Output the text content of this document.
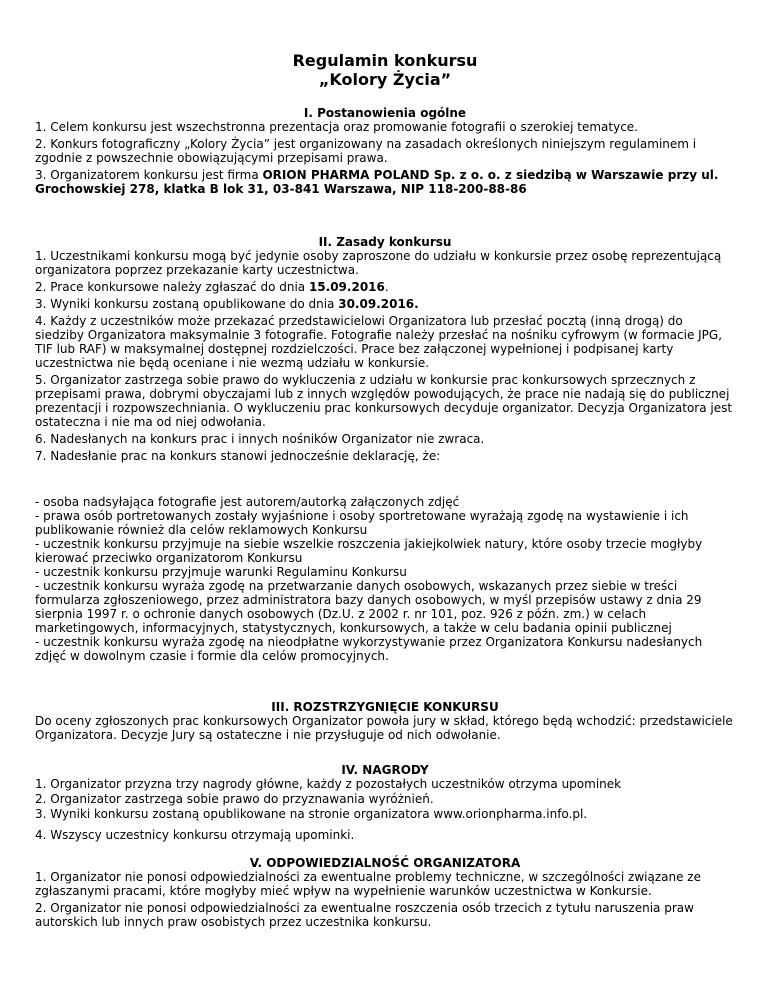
Regulamin konkursu
„Kolory Życia”
I. Postanowienia ogólne

1. Celem konkursu jest wszechstronna prezentacja oraz promowanie fotografii o szerokiej tematyce.

2. Konkurs fotograficzny „Kolory Życia” jest organizowany na zasadach określonych niniejszym regulaminem i zgodnie z powszechnie obowiązującymi przepisami prawa.

3. Organizatorem konkursu jest firma ORION PHARMA POLAND Sp. z o. o. z siedzibą w Warszawie przy ul. Grochowskiej 278, klatka B lok 31, 03-841 Warszawa, NIP 118-200-88-86

II. Zasady konkursu

1. Uczestnikami konkursu mogą być jedynie osoby zaproszone do udziału w konkursie przez osobę reprezentującą organizatora poprzez przekazanie karty uczestnictwa.

2. Prace konkursowe należy zgłaszać do dnia 15.09.2016.

3. Wyniki konkursu zostaną opublikowane do dnia 30.09.2016.

4. Każdy z uczestników może przekazać przedstawicielowi Organizatora lub przesłać pocztą (inną drogą) do siedziby Organizatora maksymalnie 3 fotografie. Fotografie należy przesłać na nośniku cyfrowym (w formacie JPG, TIF lub RAF) w maksymalnej dostępnej rozdzielczości. Prace bez załączonej wypełnionej i podpisanej karty uczestnictwa nie będą oceniane i nie wezmą udziału w konkursie.

5. Organizator zastrzega sobie prawo do wykluczenia z udziału w konkursie prac konkursowych sprzecznych z przepisami prawa, dobrymi obyczajami lub z innych względów powodujących, że prace nie nadają się do publicznej prezentacji i rozpowszechniania. O wykluczeniu prac konkursowych decyduje organizator. Decyzja Organizatora jest ostateczna i nie ma od niej odwołania.

6. Nadesłanych na konkurs prac i innych nośników Organizator nie zwraca.

7. Nadesłanie prac na konkurs stanowi jednocześnie deklarację, że:

- osoba nadsyłająca fotografie jest autorem/autorką załączonych zdjęć

- prawa osób portretowanych zostały wyjaśnione i osoby sportretowane wyrażają zgodę na wystawienie i ich publikowanie również dla celów reklamowych Konkursu

- uczestnik konkursu przyjmuje na siebie wszelkie roszczenia jakiejkolwiek natury, które osoby trzecie mogłyby kierować przeciwko organizatorom Konkursu

- uczestnik konkursu przyjmuje warunki Regulaminu Konkursu

- uczestnik konkursu wyraża zgodę na przetwarzanie danych osobowych, wskazanych przez siebie w treści formularza zgłoszeniowego, przez administratora bazy danych osobowych, w myśl przepisów ustawy z dnia 29 sierpnia 1997 r. o ochronie danych osobowych (Dz.U. z 2002 r. nr 101, poz. 926 z późn. zm.) w celach marketingowych, informacyjnych, statystycznych, konkursowych, a także w celu badania opinii publicznej

- uczestnik konkursu wyraża zgodę na nieodpłatne wykorzystywanie przez Organizatora Konkursu nadesłanych zdjęć w dowolnym czasie i formie dla celów promocyjnych.

III. ROZSTRZYGNIĘCIE KONKURSU

Do oceny zgłoszonych prac konkursowych Organizator powoła jury w skład, którego będą wchodzić: przedstawiciele Organizatora. Decyzje Jury są ostateczne i nie przysługuje od nich odwołanie.

IV. NAGRODY

1. Organizator przyzna trzy nagrody główne, każdy z pozostałych uczestników otrzyma upominek

2. Organizator zastrzega sobie prawo do przyznawania wyróżnień.

3. Wyniki konkursu zostaną opublikowane na stronie organizatora www.orionpharma.info.pl.

4. Wszyscy uczestnicy konkursu otrzymają upominki.

V. ODPOWIEDZIALNOŚĆ ORGANIZATORA

1. Organizator nie ponosi odpowiedzialności za ewentualne problemy techniczne, w szczególności związane ze zgłaszanymi pracami, które mogłyby mieć wpływ na wypełnienie warunków uczestnictwa w Konkursie.

2. Organizator nie ponosi odpowiedzialności za ewentualne roszczenia osób trzecich z tytułu naruszenia praw autorskich lub innych praw osobistych przez uczestnika konkursu.
